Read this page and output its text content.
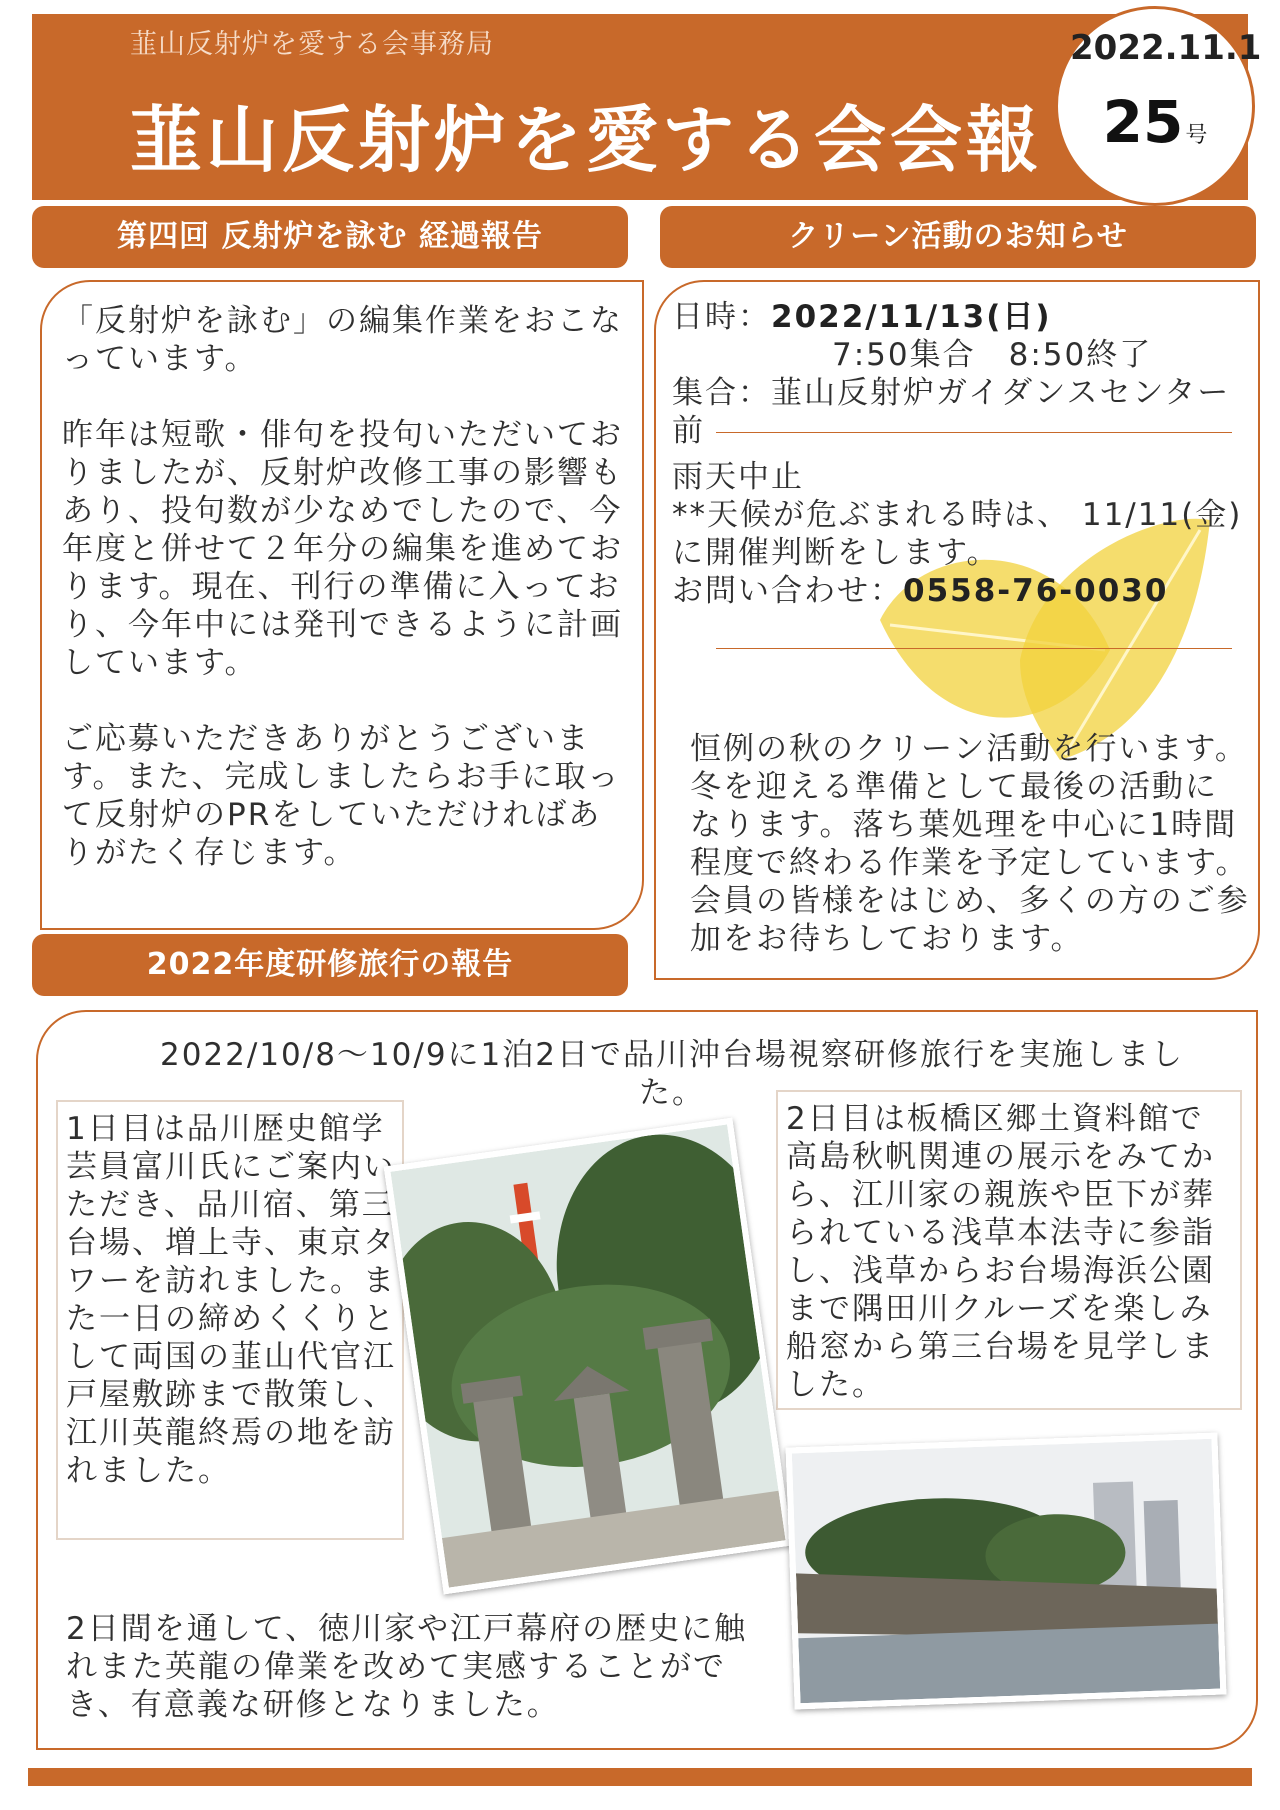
韮山反射炉を愛する会事務局
韮山反射炉を愛する会会報
2022.11.1
25号
第四回 反射炉を詠む 経過報告

「反射炉を詠む」の編集作業をおこなっています。

昨年は短歌・俳句を投句いただいておりましたが、反射炉改修工事の影響もあり、投句数が少なめでしたので、今年度と併せて２年分の編集を進めております。現在、刊行の準備に入っており、今年中には発刊できるように計画しています。

ご応募いただきありがとうございます。また、完成しましたらお手に取って反射炉のPRをしていただければありがたく存じます。

クリーン活動のお知らせ
日時：2022/11/13(日)
7:50集合　8:50終了
集合：韮山反射炉ガイダンスセンター前
雨天中止
**天候が危ぶまれる時は、 11/11(金)に開催判断をします。
お問い合わせ：0558-76-0030
恒例の秋のクリーン活動を行います。冬を迎える準備として最後の活動になります。落ち葉処理を中心に1時間程度で終わる作業を予定しています。会員の皆様をはじめ、多くの方のご参加をお待ちしております。
2022年度研修旅行の報告
2022/10/8～10/9に1泊2日で品川沖台場視察研修旅行を実施しました。
1日目は品川歴史館学芸員富川氏にご案内いただき、品川宿、第三台場、増上寺、東京タワーを訪れました。また一日の締めくくりとして両国の韮山代官江戸屋敷跡まで散策し、江川英龍終焉の地を訪れました。
2日目は板橋区郷土資料館で高島秋帆関連の展示をみてから、江川家の親族や臣下が葬られている浅草本法寺に参詣し、浅草からお台場海浜公園まで隅田川クルーズを楽しみ船窓から第三台場を見学しました。
2日間を通して、徳川家や江戸幕府の歴史に触れまた英龍の偉業を改めて実感することができ、有意義な研修となりました。
